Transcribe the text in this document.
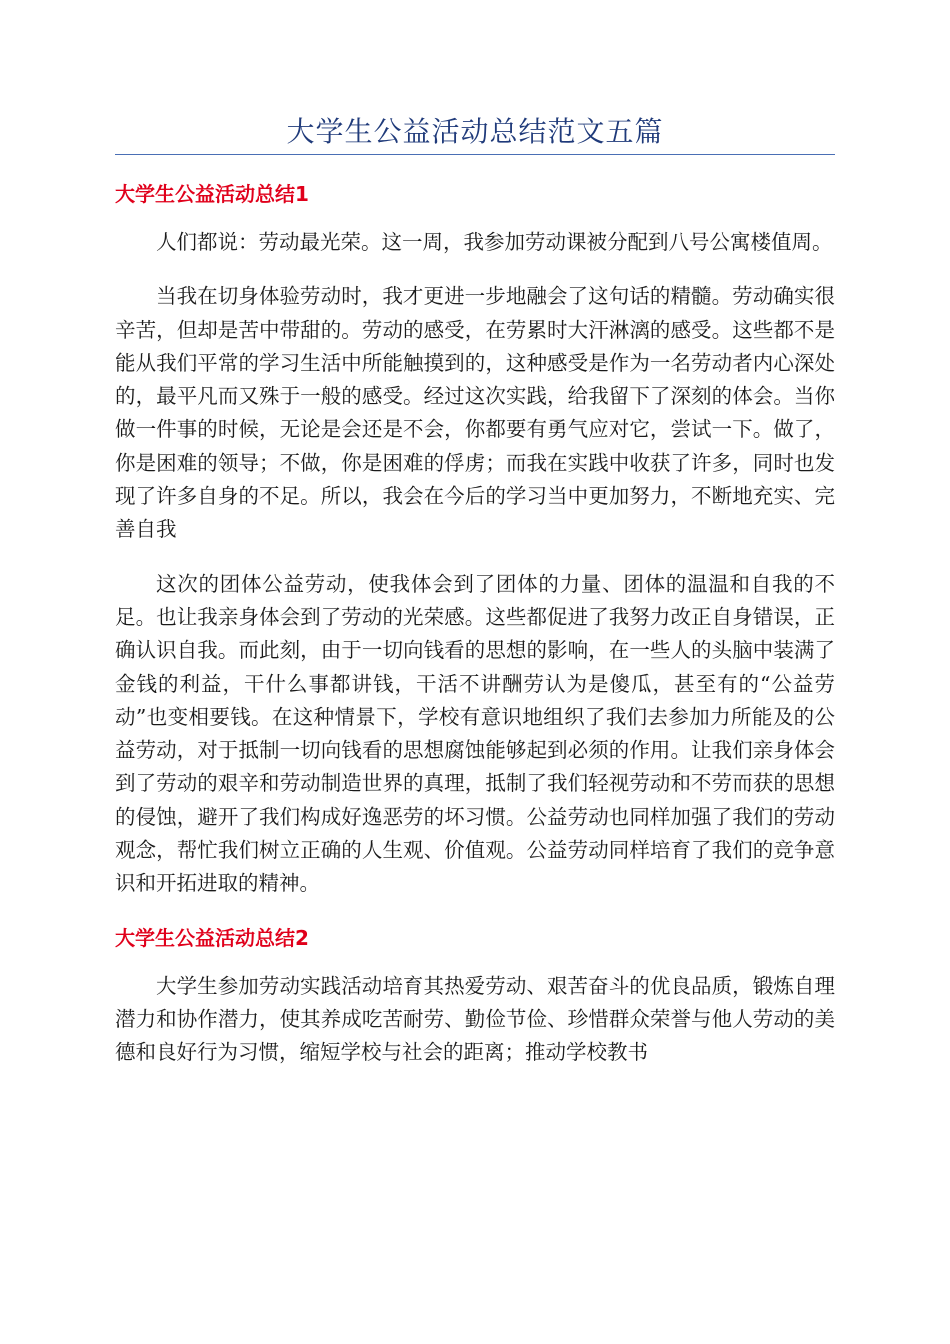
大学生公益活动总结范文五篇
大学生公益活动总结1

人们都说：劳动最光荣。这一周，我参加劳动课被分配到八号公寓楼值周。

当我在切身体验劳动时，我才更进一步地融会了这句话的精髓。劳动确实很辛苦，但却是苦中带甜的。劳动的感受，在劳累时大汗淋漓的感受。这些都不是能从我们平常的学习生活中所能触摸到的，这种感受是作为一名劳动者内心深处的，最平凡而又殊于一般的感受。经过这次实践，给我留下了深刻的体会。当你做一件事的时候，无论是会还是不会，你都要有勇气应对它，尝试一下。做了，你是困难的领导；不做，你是困难的俘虏；而我在实践中收获了许多，同时也发现了许多自身的不足。所以，我会在今后的学习当中更加努力，不断地充实、完善自我

这次的团体公益劳动，使我体会到了团体的力量、团体的温温和自我的不足。也让我亲身体会到了劳动的光荣感。这些都促进了我努力改正自身错误，正确认识自我。而此刻，由于一切向钱看的思想的影响，在一些人的头脑中装满了金钱的利益，干什么事都讲钱，干活不讲酬劳认为是傻瓜，甚至有的“公益劳动”也变相要钱。在这种情景下，学校有意识地组织了我们去参加力所能及的公益劳动，对于抵制一切向钱看的思想腐蚀能够起到必须的作用。让我们亲身体会到了劳动的艰辛和劳动制造世界的真理，抵制了我们轻视劳动和不劳而获的思想的侵蚀，避开了我们构成好逸恶劳的坏习惯。公益劳动也同样加强了我们的劳动观念，帮忙我们树立正确的人生观、价值观。公益劳动同样培育了我们的竞争意识和开拓进取的精神。

大学生公益活动总结2

大学生参加劳动实践活动培育其热爱劳动、艰苦奋斗的优良品质，锻炼自理潜力和协作潜力，使其养成吃苦耐劳、勤俭节俭、珍惜群众荣誉与他人劳动的美德和良好行为习惯，缩短学校与社会的距离；推动学校教书
